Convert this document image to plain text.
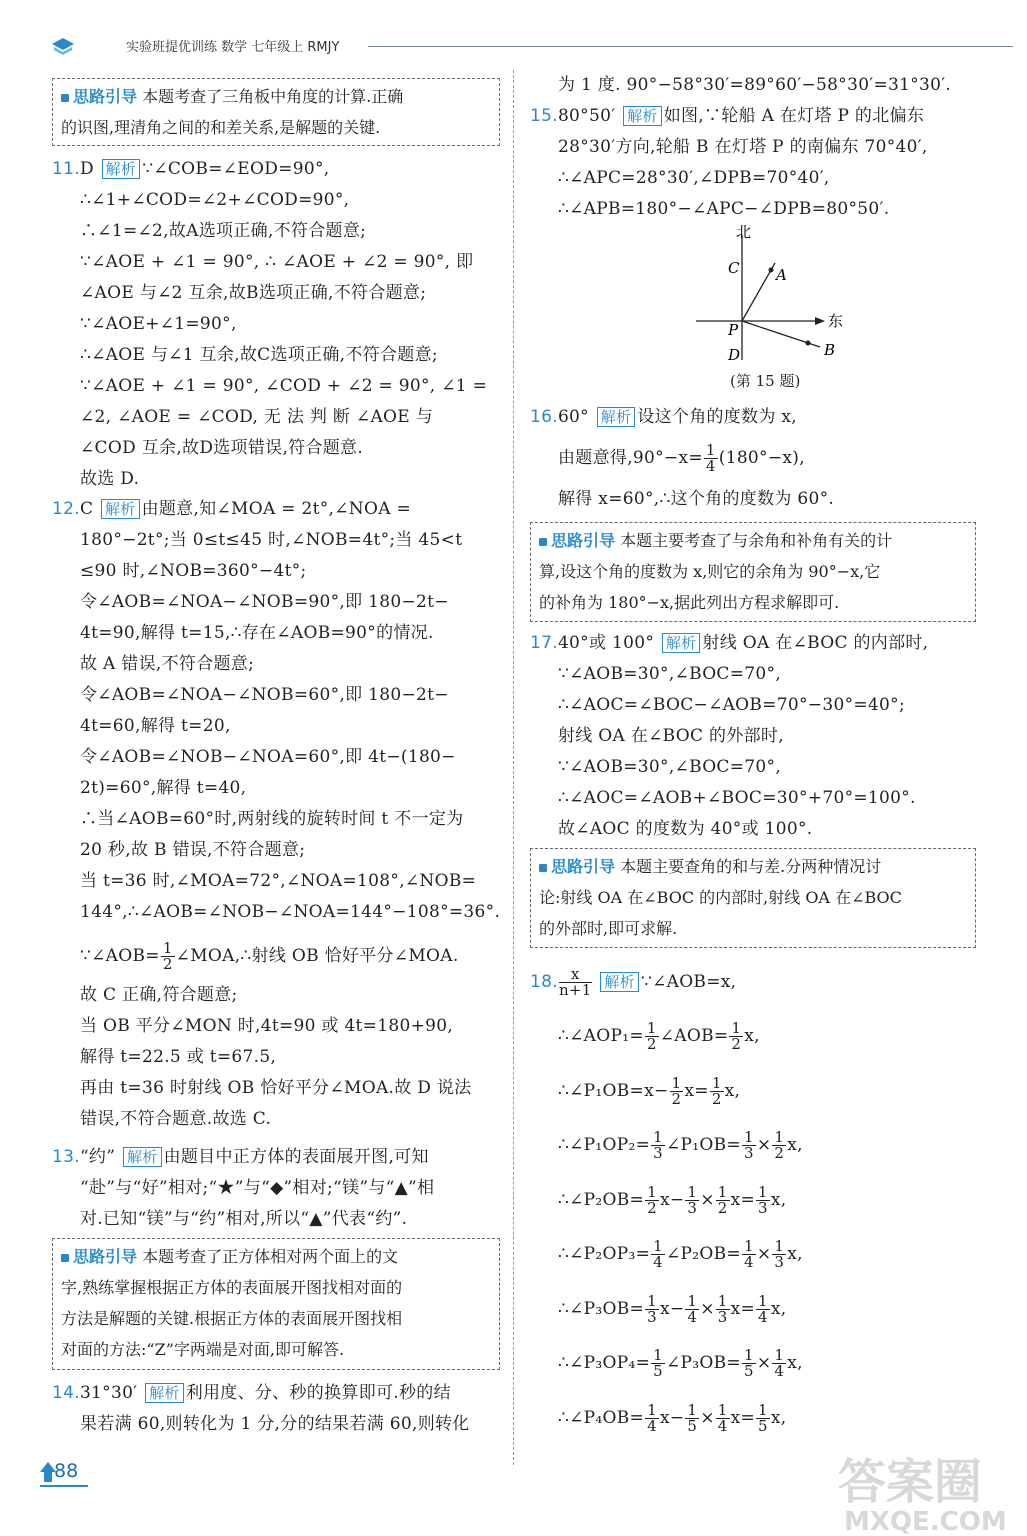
实验班提优训练 数学 七年级上 RMJY
思路引导 本题考查了三角板中角度的计算.正确
的识图,理清角之间的和差关系,是解题的关键.
11.D 解析 ∵∠COB=∠EOD=90°,
∴∠1+∠COD=∠2+∠COD=90°,
∴∠1=∠2,故A选项正确,不符合题意;
∵∠AOE + ∠1 = 90°, ∴ ∠AOE + ∠2 = 90°, 即
∠AOE 与∠2 互余,故B选项正确,不符合题意;
∵∠AOE+∠1=90°,
∴∠AOE 与∠1 互余,故C选项正确,不符合题意;
∵∠AOE + ∠1 = 90°, ∠COD + ∠2 = 90°, ∠1 =
∠2, ∠AOE = ∠COD, 无 法 判 断 ∠AOE 与
∠COD 互余,故D选项错误,符合题意.
故选 D.
12.C 解析 由题意,知∠MOA = 2t°,∠NOA =
180°−2t°;当 0≤t≤45 时,∠NOB=4t°;当 45<t
≤90 时,∠NOB=360°−4t°;
令∠AOB=∠NOA−∠NOB=90°,即 180−2t−
4t=90,解得 t=15,∴存在∠AOB=90°的情况.
故 A 错误,不符合题意;
令∠AOB=∠NOA−∠NOB=60°,即 180−2t−
4t=60,解得 t=20,
令∠AOB=∠NOB−∠NOA=60°,即 4t−(180−
2t)=60°,解得 t=40,
∴当∠AOB=60°时,两射线的旋转时间 t 不一定为
20 秒,故 B 错误,不符合题意;
当 t=36 时,∠MOA=72°,∠NOA=108°,∠NOB=
144°,∴∠AOB=∠NOB−∠NOA=144°−108°=36°.
∵∠AOB= $\frac{1}{2}$ ∠MOA,∴射线 OB 恰好平分∠MOA.
故 C 正确,符合题意;
当 OB 平分∠MON 时,4t=90 或 4t=180+90,
解得 t=22.5 或 t=67.5,
再由 t=36 时射线 OB 恰好平分∠MOA.故 D 说法
错误,不符合题意.故选 C.
13.“约” 解析 由题目中正方体的表面展开图,可知
“赴”与“好”相对;“★”与“◆”相对;“镁”与“▲”相
对.已知“镁”与“约”相对,所以“▲”代表“约”.
思路引导 本题考查了正方体相对两个面上的文
字,熟练掌握根据正方体的表面展开图找相对面的
方法是解题的关键.根据正方体的表面展开图找相
对面的方法:“Z”字两端是对面,即可解答.
14.31°30′ 解析 利用度、分、秒的换算即可.秒的结
果若满 60,则转化为 1 分,分的结果若满 60,则转化
为 1 度. 90°−58°30′=89°60′−58°30′=31°30′.
15.80°50′ 解析 如图,∵轮船 A 在灯塔 P 的北偏东
28°30′方向,轮船 B 在灯塔 P 的南偏东 70°40′,
∴∠APC=28°30′,∠DPB=70°40′,
∴∠APB=180°−∠APC−∠DPB=80°50′.
北
东
C A
P
D	B
(第 15 题)
16.60° 解析 设这个角的度数为 x,
由题意得$,90^\circ-x= \frac{1}{4} (180^\circ-x)$,
解得 x=60°,∴这个角的度数为 60°.
思路引导 本题主要考查了与余角和补角有关的计
算,设这个角的度数为 x,则它的余角为 90°−x,它
的补角为 180°−x,据此列出方程求解即可.
17.40°或 100° 解析 射线 OA 在∠BOC 的内部时,
∵∠AOB=30°,∠BOC=70°,
∴∠AOC=∠BOC−∠AOB=70°−30°=40°;
射线 OA 在∠BOC 的外部时,
∵∠AOB=30°,∠BOC=70°,
∴∠AOC=∠AOB+∠BOC=30°+70°=100°.
故∠AOC 的度数为 40°或 100°.
思路引导 本题主要查角的和与差.分两种情况讨
论:射线 OA 在∠BOC 的内部时,射线 OA 在∠BOC
的外部时,即可求解.
18. $\frac{x}{n+1}$ 解析 ∵∠AOB=x,
∴∠AOP₁= $\frac{1}{2}$ ∠AOB= $\frac{1}{2} x$,
∴∠P₁OB=x− $\frac{1}{2} x= \frac{1}{2} x$,
∴∠P₁OP₂= $\frac{1}{3}$ ∠P₁OB= $\frac{1}{3} \times \frac{1}{2} x$,
∴∠P₂OB= $\frac{1}{2} x- \frac{1}{3} \times \frac{1}{2} x= \frac{1}{3} x$,
∴∠P₂OP₃= $\frac{1}{4}$ ∠P₂OB= $\frac{1}{4} \times \frac{1}{3} x$,
∴∠P₃OB= $\frac{1}{3} x- \frac{1}{4} \times \frac{1}{3} x= \frac{1}{4} x$,
∴∠P₃OP₄= $\frac{1}{5}$ ∠P₃OB= $\frac{1}{5} \times \frac{1}{4} x$,
∴∠P₄OB= $\frac{1}{4} x- \frac{1}{5} \times \frac{1}{4} x= \frac{1}{5} x$,
88	答案圈
MXQE.COM
